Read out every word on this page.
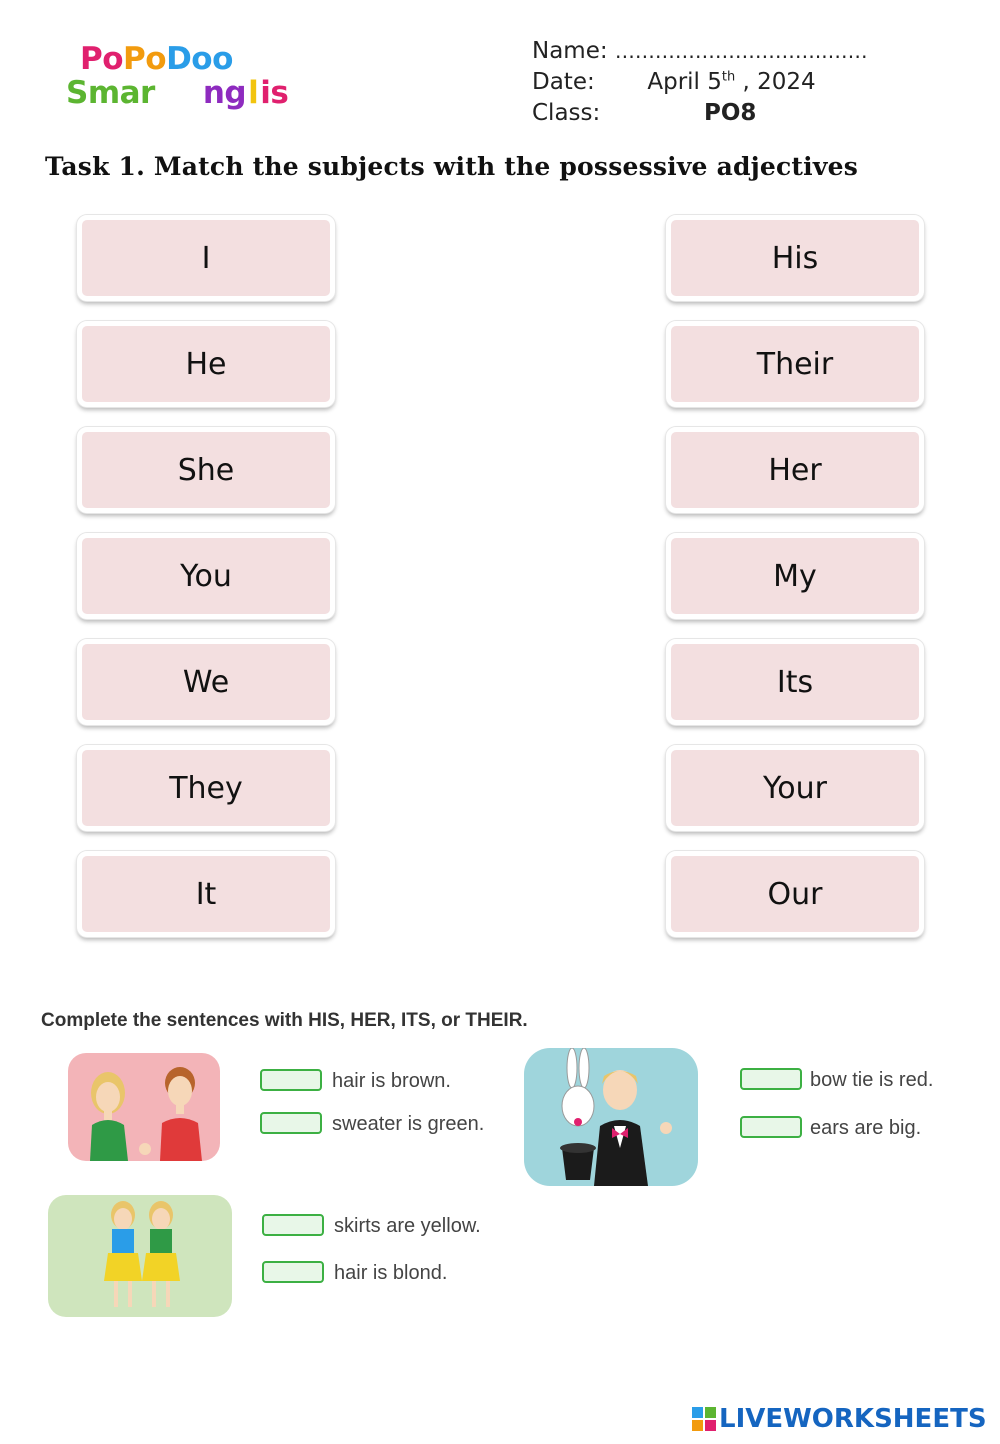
PoPoDoo
Smar nglis
Name: …………………………..……
Date: April 5th , 2024
Class:	PO8
Task 1. Match the subjects with the possessive adjectives
I
He
She
You
We
They
It
His
Their
Her
My
Its
Your
Our
Complete the sentences with HIS, HER, ITS, or THEIR.
hair is brown.
sweater is green.
bow tie is red.
ears are big.
skirts are yellow.
hair is blond.
LIVEWORKSHEETS
